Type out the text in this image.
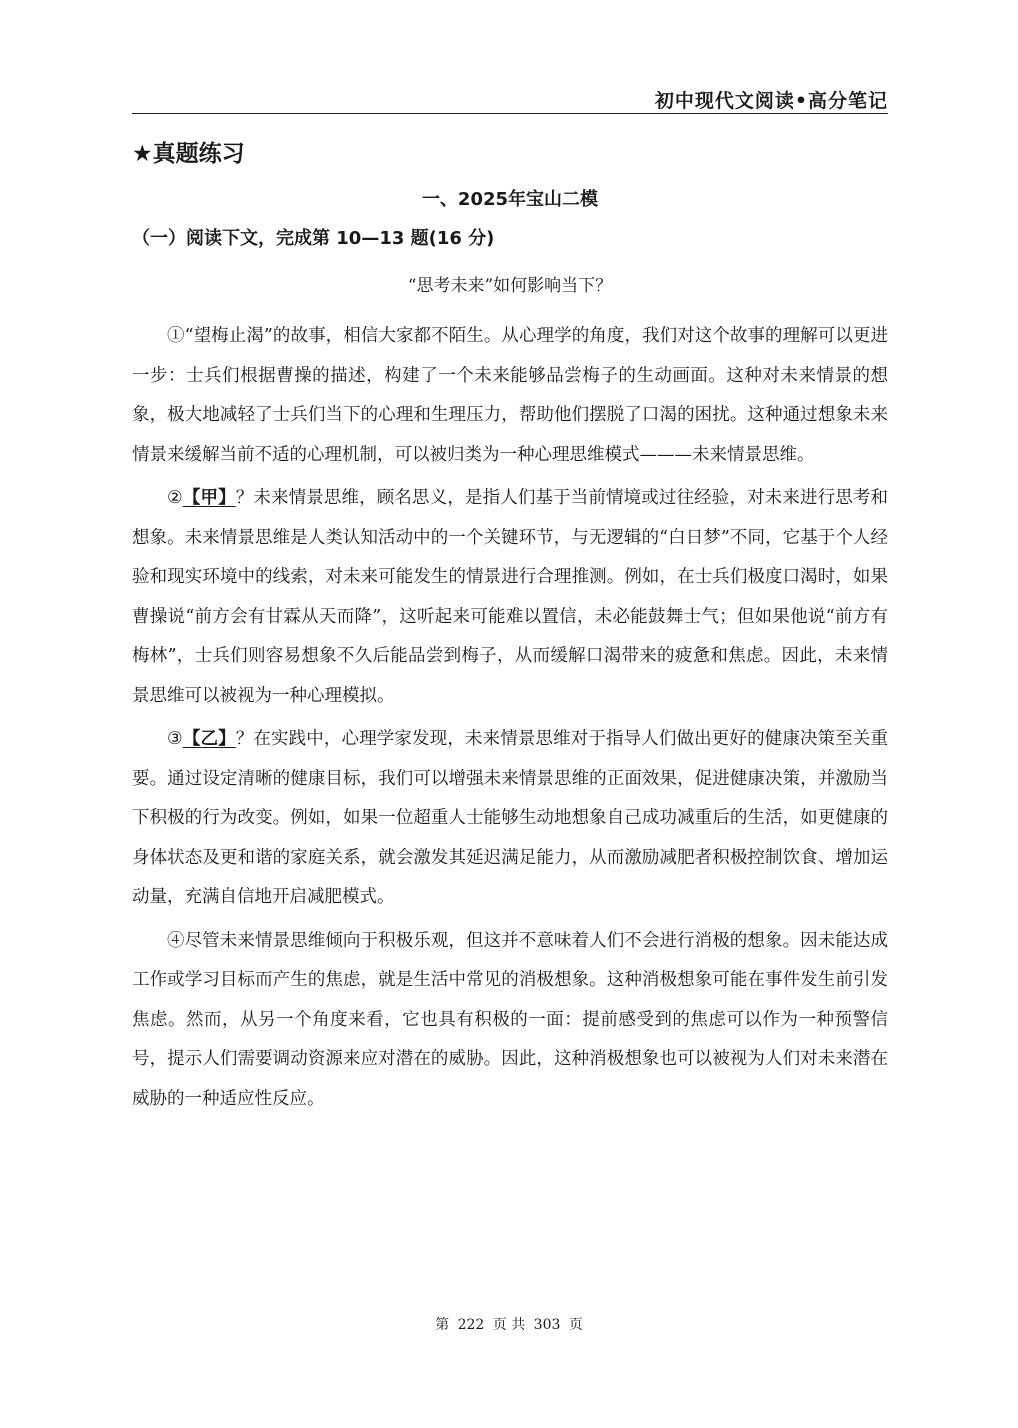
初中现代文阅读•高分笔记
★真题练习
一、2025年宝山二模
（一）阅读下文，完成第 10—13 题(16 分)
“思考未来”如何影响当下？

①“望梅止渴”的故事，相信大家都不陌生。从心理学的角度，我们对这个故事的理解可以更进一步：士兵们根据曹操的描述，构建了一个未来能够品尝梅子的生动画面。这种对未来情景的想象，极大地减轻了士兵们当下的心理和生理压力，帮助他们摆脱了口渴的困扰。这种通过想象未来情景来缓解当前不适的心理机制，可以被归类为一种心理思维模式———未来情景思维。

②【甲】？未来情景思维，顾名思义，是指人们基于当前情境或过往经验，对未来进行思考和想象。未来情景思维是人类认知活动中的一个关键环节，与无逻辑的“白日梦”不同，它基于个人经验和现实环境中的线索，对未来可能发生的情景进行合理推测。例如，在士兵们极度口渴时，如果曹操说“前方会有甘霖从天而降”，这听起来可能难以置信，未必能鼓舞士气；但如果他说“前方有梅林”，士兵们则容易想象不久后能品尝到梅子，从而缓解口渴带来的疲惫和焦虑。因此，未来情景思维可以被视为一种心理模拟。

③【乙】？在实践中，心理学家发现，未来情景思维对于指导人们做出更好的健康决策至关重要。通过设定清晰的健康目标，我们可以增强未来情景思维的正面效果，促进健康决策，并激励当下积极的行为改变。例如，如果一位超重人士能够生动地想象自己成功减重后的生活，如更健康的身体状态及更和谐的家庭关系，就会激发其延迟满足能力，从而激励减肥者积极控制饮食、增加运动量，充满自信地开启减肥模式。

④尽管未来情景思维倾向于积极乐观，但这并不意味着人们不会进行消极的想象。因未能达成工作或学习目标而产生的焦虑，就是生活中常见的消极想象。这种消极想象可能在事件发生前引发焦虑。然而，从另一个角度来看，它也具有积极的一面：提前感受到的焦虑可以作为一种预警信号，提示人们需要调动资源来应对潜在的威胁。因此，这种消极想象也可以被视为人们对未来潜在威胁的一种适应性反应。

第 222 页 共 303 页
